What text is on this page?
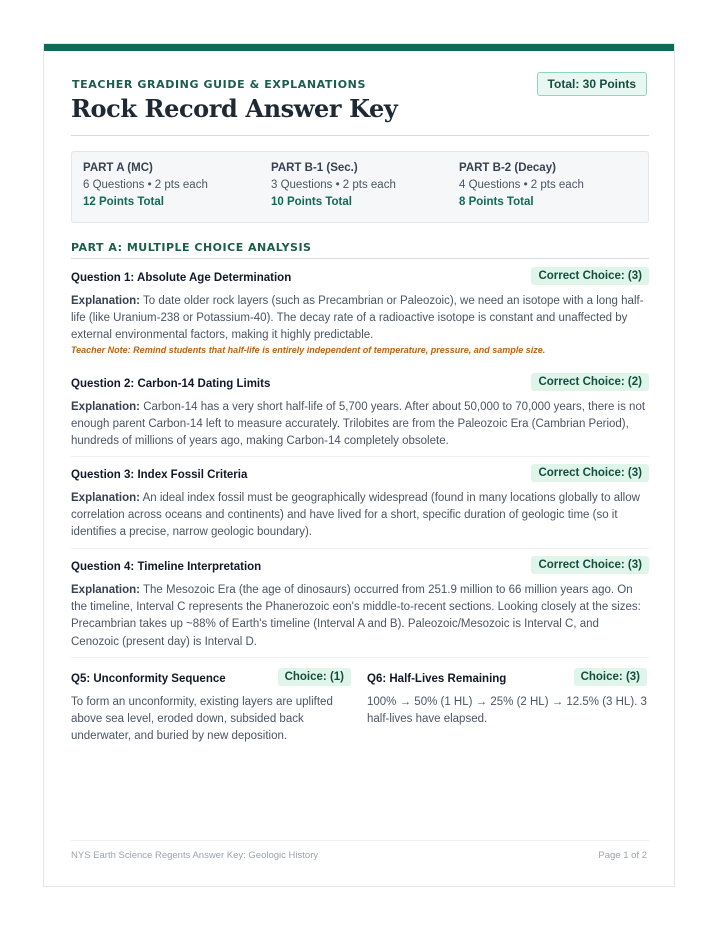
TEACHER GRADING GUIDE & EXPLANATIONS	Total: 30 Points
Rock Record Answer Key
PART A (MC)
6 Questions • 2 pts each
12 Points Total
PART B-1 (Sec.)
3 Questions • 2 pts each
10 Points Total
PART B-2 (Decay)
4 Questions • 2 pts each
8 Points Total
PART A: MULTIPLE CHOICE ANALYSIS
Question 1: Absolute Age Determination	Correct Choice: (3)
Explanation: To date older rock layers (such as Precambrian or Paleozoic), we need an isotope with a long half-life (like Uranium-238 or Potassium-40). The decay rate of a radioactive isotope is constant and unaffected by external environmental factors, making it highly predictable.
Teacher Note: Remind students that half-life is entirely independent of temperature, pressure, and sample size.
Question 2: Carbon-14 Dating Limits	Correct Choice: (2)
Explanation: Carbon-14 has a very short half-life of 5,700 years. After about 50,000 to 70,000 years, there is not enough parent Carbon-14 left to measure accurately. Trilobites are from the Paleozoic Era (Cambrian Period), hundreds of millions of years ago, making Carbon-14 completely obsolete.
Question 3: Index Fossil Criteria	Correct Choice: (3)
Explanation: An ideal index fossil must be geographically widespread (found in many locations globally to allow correlation across oceans and continents) and have lived for a short, specific duration of geologic time (so it identifies a precise, narrow geologic boundary).
Question 4: Timeline Interpretation	Correct Choice: (3)
Explanation: The Mesozoic Era (the age of dinosaurs) occurred from 251.9 million to 66 million years ago. On the timeline, Interval C represents the Phanerozoic eon's middle-to-recent sections. Looking closely at the sizes: Precambrian takes up ~88% of Earth's timeline (Interval A and B). Paleozoic/Mesozoic is Interval C, and Cenozoic (present day) is Interval D.
Q5: Unconformity Sequence	Choice: (1)
To form an unconformity, existing layers are uplifted above sea level, eroded down, subsided back underwater, and buried by new deposition.
Q6: Half-Lives Remaining	Choice: (3)
100% → 50% (1 HL) → 25% (2 HL) → 12.5% (3 HL). 3 half-lives have elapsed.
NYS Earth Science Regents Answer Key: Geologic History	Page 1 of 2
